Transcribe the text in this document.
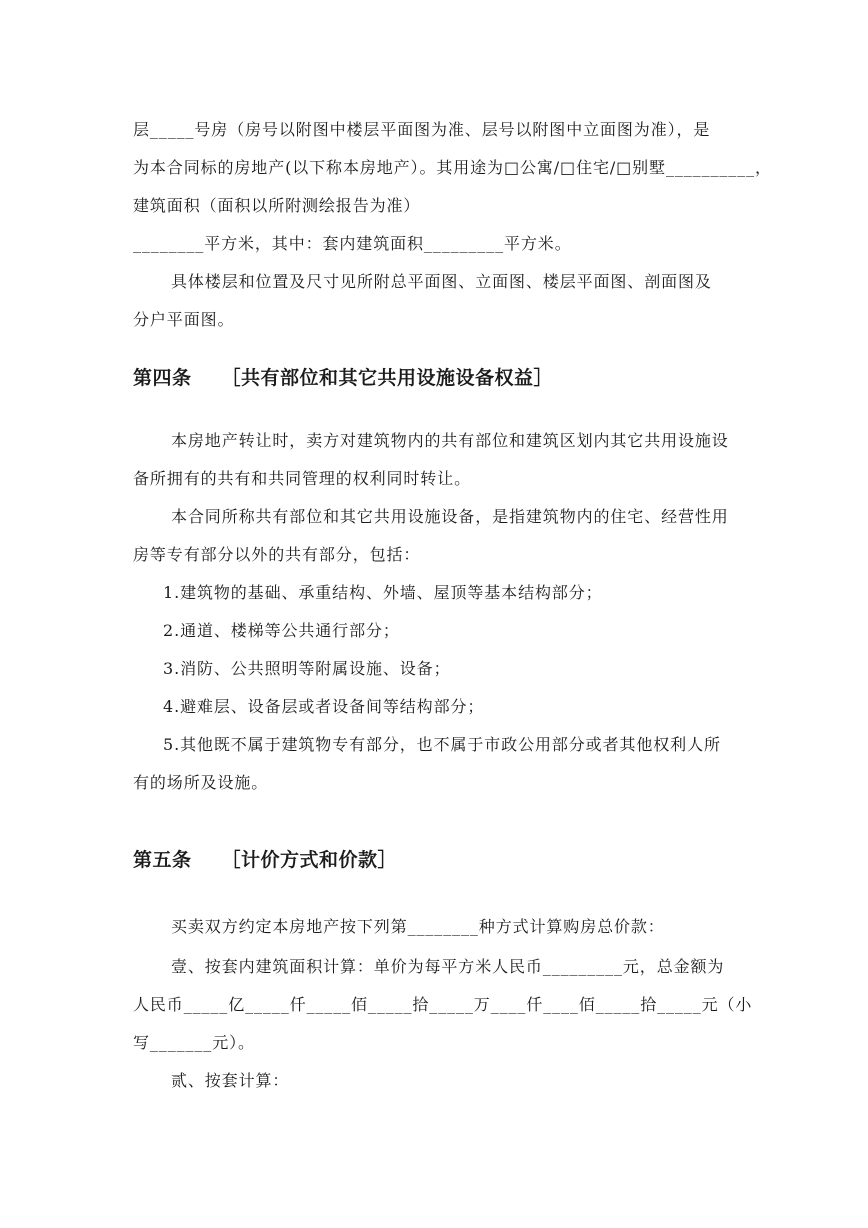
层_____号房（房号以附图中楼层平面图为准、层号以附图中立面图为准），是
为本合同标的房地产(以下称本房地产）。其用途为□公寓/□住宅/□别墅__________，
建筑面积（面积以所附测绘报告为准）
________平方米，其中：套内建筑面积_________平方米。
具体楼层和位置及尺寸见所附总平面图、立面图、楼层平面图、剖面图及
分户平面图。
第四条 ［共有部位和其它共用设施设备权益］
本房地产转让时，卖方对建筑物内的共有部位和建筑区划内其它共用设施设
备所拥有的共有和共同管理的权利同时转让。
本合同所称共有部位和其它共用设施设备，是指建筑物内的住宅、经营性用
房等专有部分以外的共有部分，包括：
1.建筑物的基础、承重结构、外墙、屋顶等基本结构部分；
2.通道、楼梯等公共通行部分；
3.消防、公共照明等附属设施、设备；
4.避难层、设备层或者设备间等结构部分；
5.其他既不属于建筑物专有部分，也不属于市政公用部分或者其他权利人所
有的场所及设施。
第五条 ［计价方式和价款］
买卖双方约定本房地产按下列第________种方式计算购房总价款：
壹、按套内建筑面积计算：单价为每平方米人民币_________元，总金额为
人民币_____亿_____仟_____佰_____拾_____万____仟____佰_____拾_____元（小
写_______元）。
贰、按套计算：
